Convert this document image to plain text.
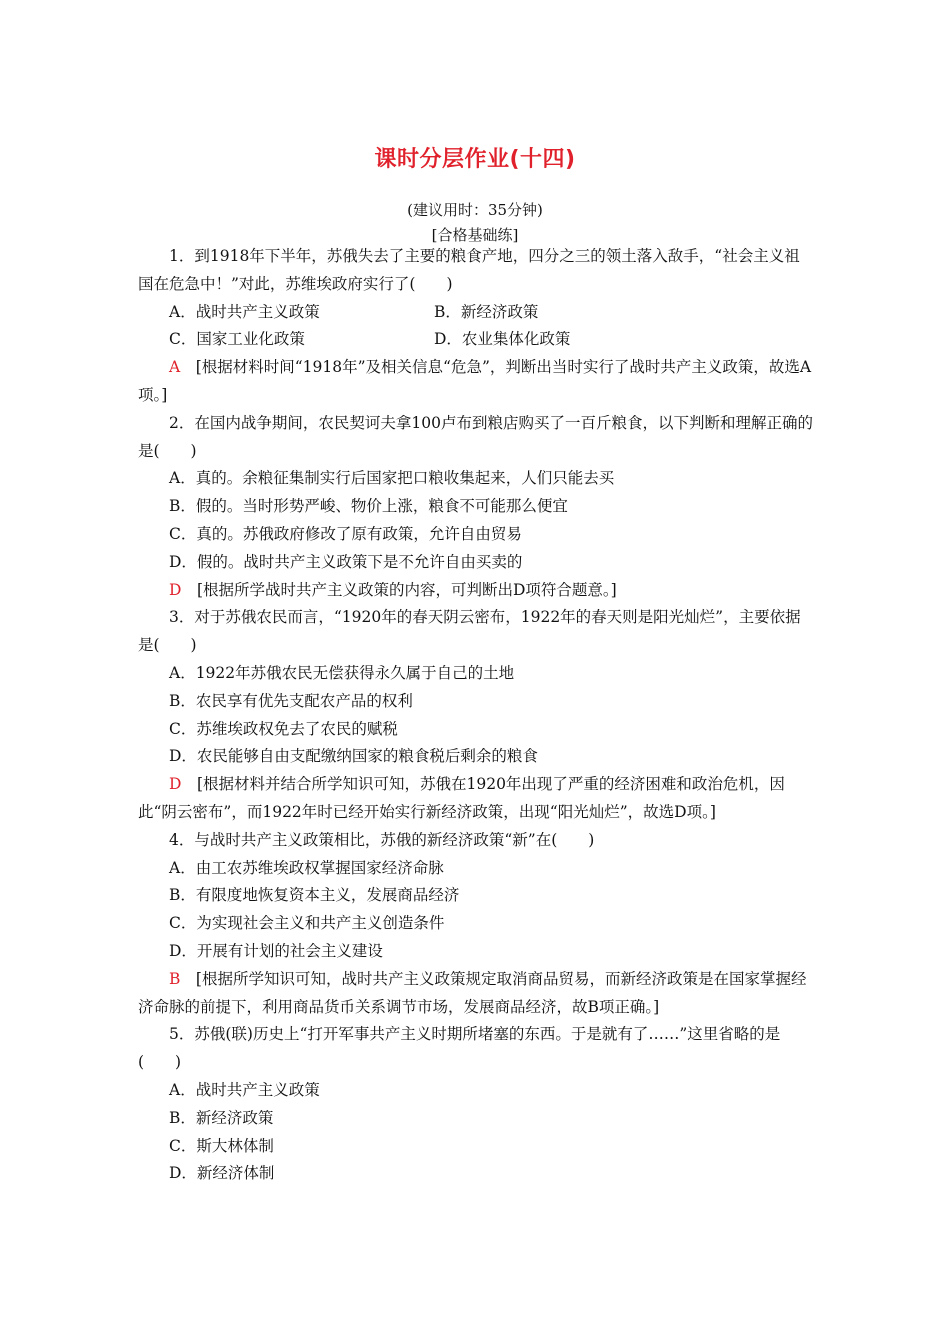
课时分层作业(十四)
(建议用时：35分钟)
[合格基础练]

1．到1918年下半年，苏俄失去了主要的粮食产地，四分之三的领土落入敌手，“社会主义祖国在危急中！”对此，苏维埃政府实行了(　　)

A．战时共产主义政策	B．新经济政策
C．国家工业化政策	D．农业集体化政策

A　[根据材料时间“1918年”及相关信息“危急”，判断出当时实行了战时共产主义政策，故选A项。]

2．在国内战争期间，农民契诃夫拿100卢布到粮店购买了一百斤粮食，以下判断和理解正确的是(　　)

A．真的。余粮征集制实行后国家把口粮收集起来，人们只能去买
B．假的。当时形势严峻、物价上涨，粮食不可能那么便宜
C．真的。苏俄政府修改了原有政策，允许自由贸易
D．假的。战时共产主义政策下是不允许自由买卖的

D　[根据所学战时共产主义政策的内容，可判断出D项符合题意。]

3．对于苏俄农民而言，“1920年的春天阴云密布，1922年的春天则是阳光灿烂”，主要依据是(　　)

A．1922年苏俄农民无偿获得永久属于自己的土地
B．农民享有优先支配农产品的权利
C．苏维埃政权免去了农民的赋税
D．农民能够自由支配缴纳国家的粮食税后剩余的粮食

D　[根据材料并结合所学知识可知，苏俄在1920年出现了严重的经济困难和政治危机，因此“阴云密布”，而1922年时已经开始实行新经济政策，出现“阳光灿烂”，故选D项。]

4．与战时共产主义政策相比，苏俄的新经济政策“新”在(　　)

A．由工农苏维埃政权掌握国家经济命脉
B．有限度地恢复资本主义，发展商品经济
C．为实现社会主义和共产主义创造条件
D．开展有计划的社会主义建设

B　[根据所学知识可知，战时共产主义政策规定取消商品贸易，而新经济政策是在国家掌握经济命脉的前提下，利用商品货币关系调节市场，发展商品经济，故B项正确。]

5．苏俄(联)历史上“打开军事共产主义时期所堵塞的东西。于是就有了……”这里省略的是(　　)

A．战时共产主义政策
B．新经济政策
C．斯大林体制
D．新经济体制
